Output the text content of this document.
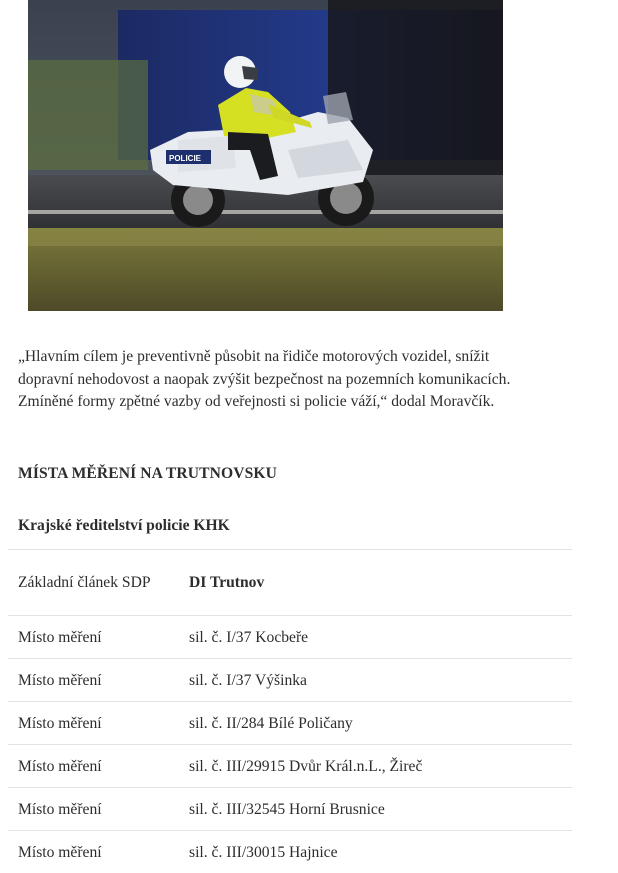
POLICIE

„Hlavním cílem je preventivně působit na řidiče motorových vozidel, snížit dopravní nehodovost a naopak zvýšit bezpečnost na pozemních komunikacích. Zmíněné formy zpětné vazby od veřejnosti si policie váží,“ dodal Moravčík.

MÍSTA MĚŘENÍ NA TRUTNOVSKU

Krajské ředitelství policie KHK

Základní článek SDP	DI Trutnov
Místo měření	sil. č. I/37 Kocbeře
Místo měření	sil. č. I/37 Výšinka
Místo měření	sil. č. II/284 Bílé Poličany
Místo měření	sil. č. III/29915 Dvůr Král.n.L., Žireč
Místo měření	sil. č. III/32545 Horní Brusnice
Místo měření	sil. č. III/30015 Hajnice
